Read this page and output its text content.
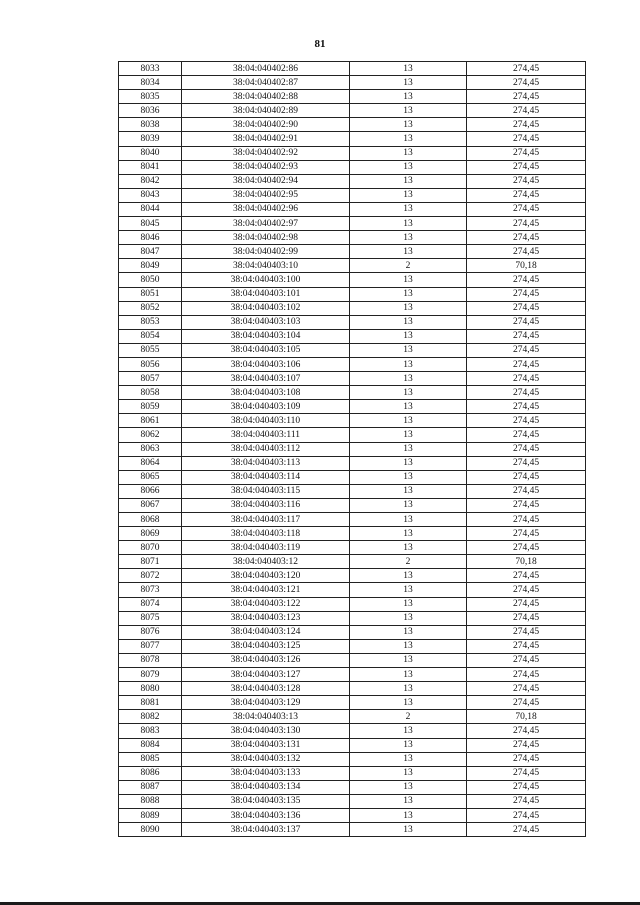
81
8033	38:04:040402:86	13	274,45
8034	38:04:040402:87	13	274,45
8035	38:04:040402:88	13	274,45
8036	38:04:040402:89	13	274,45
8038	38:04:040402:90	13	274,45
8039	38:04:040402:91	13	274,45
8040	38:04:040402:92	13	274,45
8041	38:04:040402:93	13	274,45
8042	38:04:040402:94	13	274,45
8043	38:04:040402:95	13	274,45
8044	38:04:040402:96	13	274,45
8045	38:04:040402:97	13	274,45
8046	38:04:040402:98	13	274,45
8047	38:04:040402:99	13	274,45
8049	38:04:040403:10	2	70,18
8050	38:04:040403:100	13	274,45
8051	38:04:040403:101	13	274,45
8052	38:04:040403:102	13	274,45
8053	38:04:040403:103	13	274,45
8054	38:04:040403:104	13	274,45
8055	38:04:040403:105	13	274,45
8056	38:04:040403:106	13	274,45
8057	38:04:040403:107	13	274,45
8058	38:04:040403:108	13	274,45
8059	38:04:040403:109	13	274,45
8061	38:04:040403:110	13	274,45
8062	38:04:040403:111	13	274,45
8063	38:04:040403:112	13	274,45
8064	38:04:040403:113	13	274,45
8065	38:04:040403:114	13	274,45
8066	38:04:040403:115	13	274,45
8067	38:04:040403:116	13	274,45
8068	38:04:040403:117	13	274,45
8069	38:04:040403:118	13	274,45
8070	38:04:040403:119	13	274,45
8071	38:04:040403:12	2	70,18
8072	38:04:040403:120	13	274,45
8073	38:04:040403:121	13	274,45
8074	38:04:040403:122	13	274,45
8075	38:04:040403:123	13	274,45
8076	38:04:040403:124	13	274,45
8077	38:04:040403:125	13	274,45
8078	38:04:040403:126	13	274,45
8079	38:04:040403:127	13	274,45
8080	38:04:040403:128	13	274,45
8081	38:04:040403:129	13	274,45
8082	38:04:040403:13	2	70,18
8083	38:04:040403:130	13	274,45
8084	38:04:040403:131	13	274,45
8085	38:04:040403:132	13	274,45
8086	38:04:040403:133	13	274,45
8087	38:04:040403:134	13	274,45
8088	38:04:040403:135	13	274,45
8089	38:04:040403:136	13	274,45
8090	38:04:040403:137	13	274,45
